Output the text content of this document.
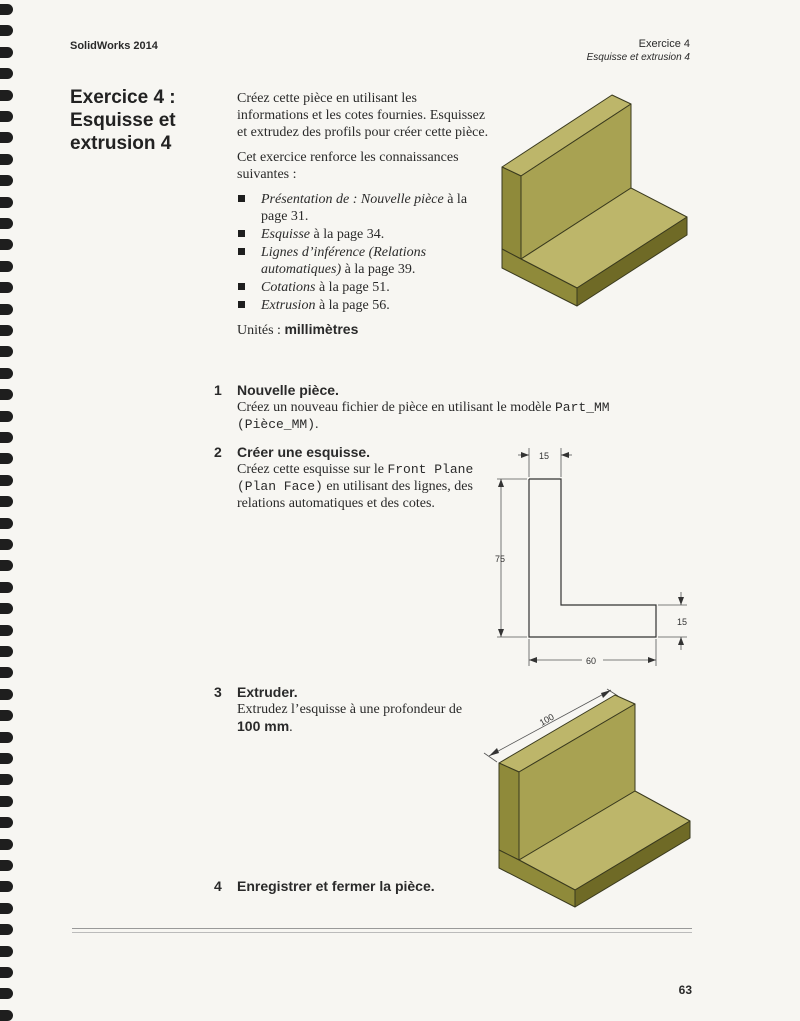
SolidWorks 2014	Exercice 4
Esquisse et extrusion 4
Exercice 4 :
Esquisse et
extrusion 4

Créez cette pièce en utilisant les informations et les cotes fournies. Esquissez et extrudez des profils pour créer cette pièce.

Cet exercice renforce les connaissances suivantes :

Présentation de : Nouvelle pièce à la page 31.
Esquisse à la page 34.
Lignes d’inférence (Relations automatiques) à la page 39.
Cotations à la page 51.
Extrusion à la page 56.

Unités : millimètres

1 Nouvelle pièce.
Créez un nouveau fichier de pièce en utilisant le modèle Part_MM
(Pièce_MM).
2 Créer une esquisse.
Créez cette esquisse sur le Front Plane (Plan Face) en utilisant des lignes, des relations automatiques et des cotes.
15
75
15
60
3 Extruder.
Extrudez l’esquisse à une profondeur de 100 mm.	100
4 Enregistrer et fermer la pièce.
63
